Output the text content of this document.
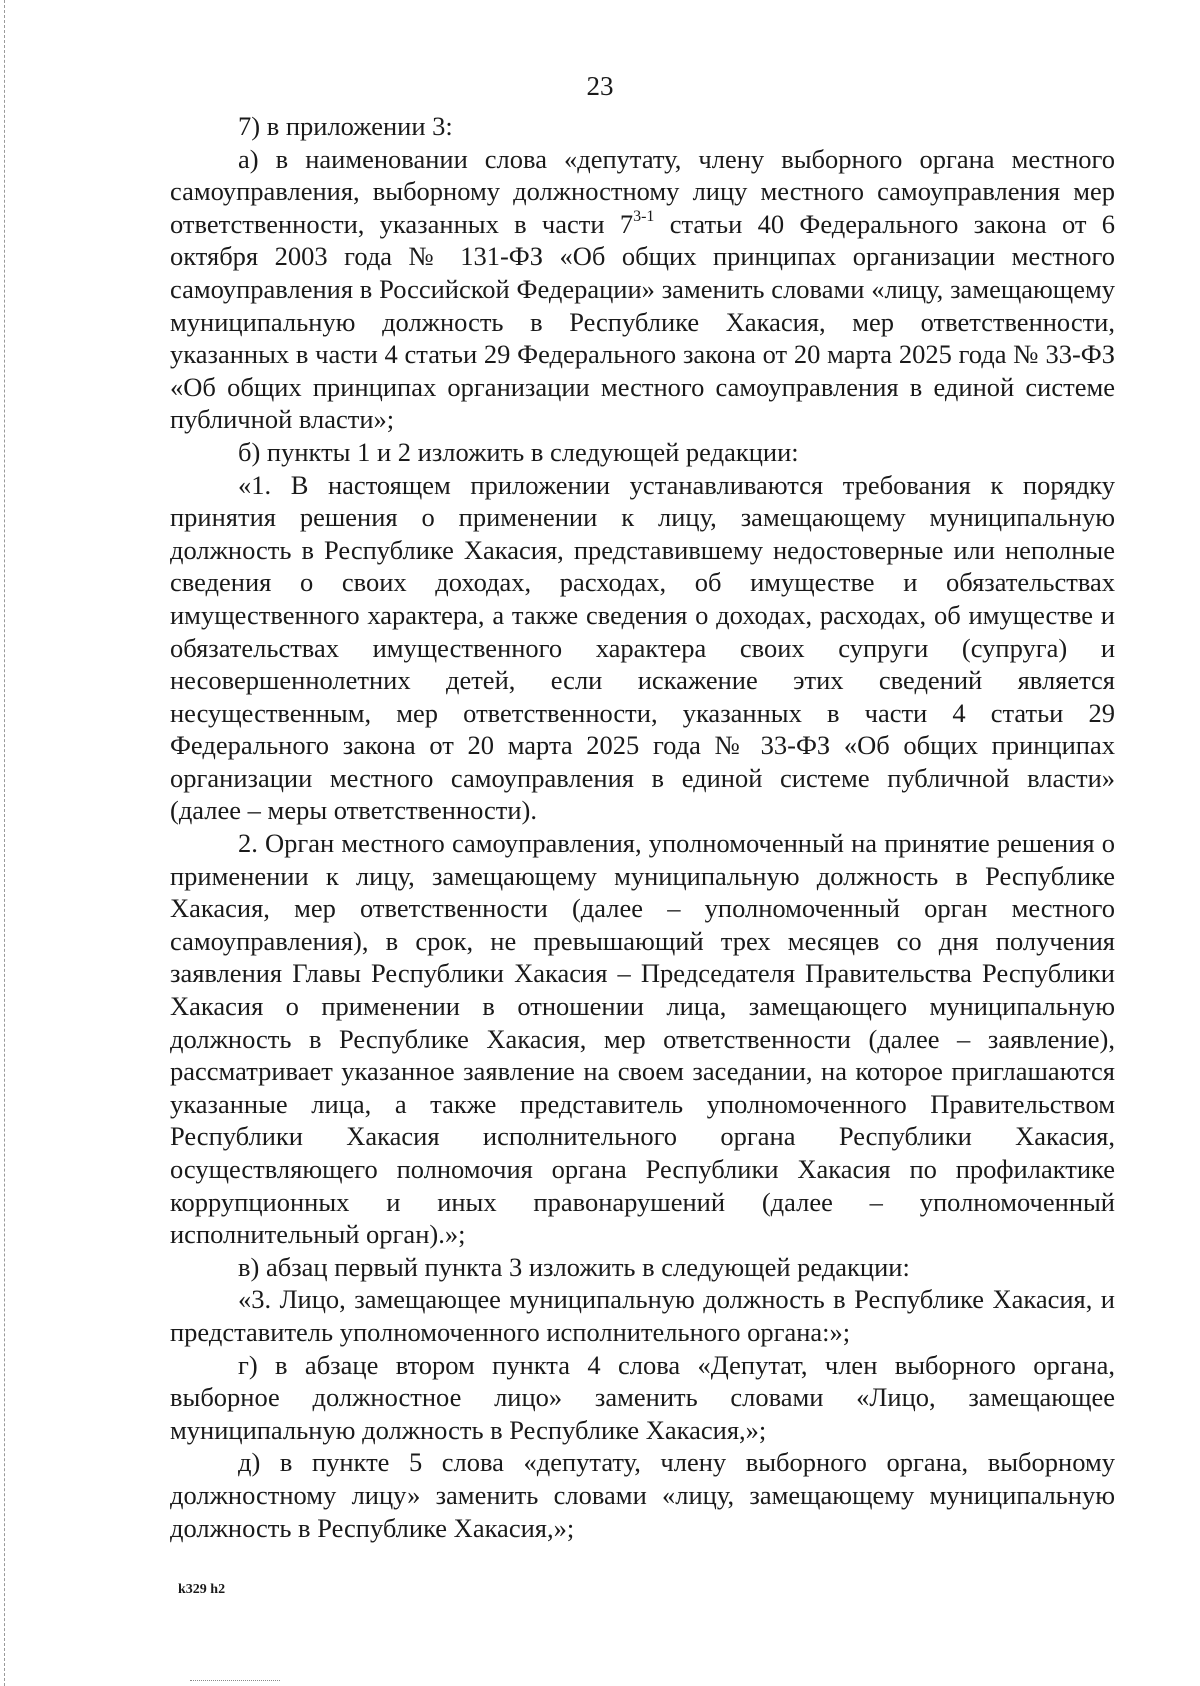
23

7) в приложении 3:

а) в наименовании слова «депутату, члену выборного органа местного самоуправления, выборному должностному лицу местного самоуправления мер ответственности, указанных в части 7$^{3-1}$ статьи 40 Федерального закона от 6 октября 2003 года № 131-ФЗ «Об общих принципах организации местного самоуправления в Российской Федерации» заменить словами «лицу, замещающему муниципальную должность в Республике Хакасия, мер ответственности, указанных в части 4 статьи 29 Федерального закона от 20 марта 2025 года № 33-ФЗ «Об общих принципах организации местного самоуправления в единой системе публичной власти»;

б) пункты 1 и 2 изложить в следующей редакции:

«1. В настоящем приложении устанавливаются требования к порядку принятия решения о применении к лицу, замещающему муниципальную должность в Республике Хакасия, представившему недостоверные или неполные сведения о своих доходах, расходах, об имуществе и обязательствах имущественного характера, а также сведения о доходах, расходах, об имуществе и обязательствах имущественного характера своих супруги (супруга) и несовершеннолетних детей, если искажение этих сведений является несущественным, мер ответственности, указанных в части 4 статьи 29 Федерального закона от 20 марта 2025 года № 33-ФЗ «Об общих принципах организации местного самоуправления в единой системе публичной власти» (далее – меры ответственности).

2. Орган местного самоуправления, уполномоченный на принятие решения о применении к лицу, замещающему муниципальную должность в Республике Хакасия, мер ответственности (далее – уполномоченный орган местного самоуправления), в срок, не превышающий трех месяцев со дня получения заявления Главы Республики Хакасия – Председателя Правительства Республики Хакасия о применении в отношении лица, замещающего муниципальную должность в Республике Хакасия, мер ответственности (далее – заявление), рассматривает указанное заявление на своем заседании, на которое приглашаются указанные лица, а также представитель уполномоченного Правительством Республики Хакасия исполнительного органа Республики Хакасия, осуществляющего полномочия органа Республики Хакасия по профилактике коррупционных и иных правонарушений (далее – уполномоченный исполнительный орган).»;

в) абзац первый пункта 3 изложить в следующей редакции:

«3. Лицо, замещающее муниципальную должность в Республике Хакасия, и представитель уполномоченного исполнительного органа:»;

г) в абзаце втором пункта 4 слова «Депутат, член выборного органа, выборное должностное лицо» заменить словами «Лицо, замещающее муниципальную должность в Республике Хакасия,»;

д) в пункте 5 слова «депутату, члену выборного органа, выборному должностному лицу» заменить словами «лицу, замещающему муниципальную должность в Республике Хакасия,»;

k329 h2
